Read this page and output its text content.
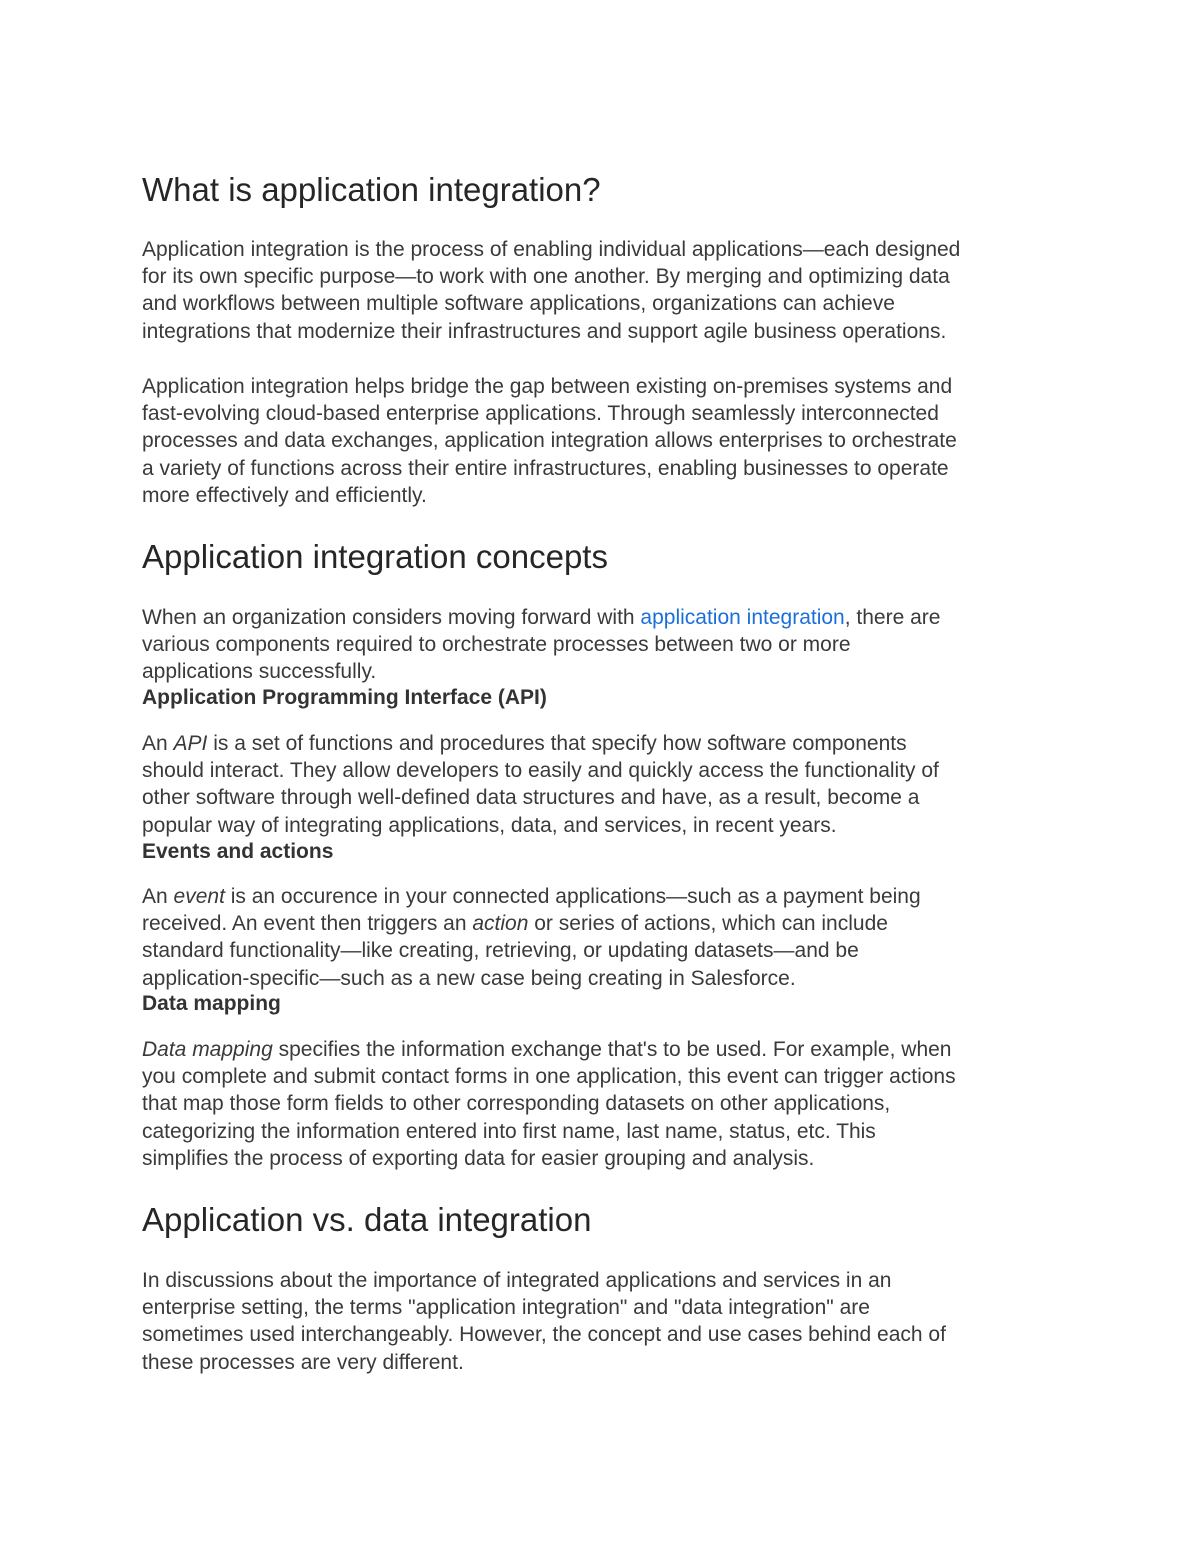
What is application integration?

Application integration is the process of enabling individual applications—each designed
for its own specific purpose—to work with one another. By merging and optimizing data
and workflows between multiple software applications, organizations can achieve
integrations that modernize their infrastructures and support agile business operations.

Application integration helps bridge the gap between existing on-premises systems and
fast-evolving cloud-based enterprise applications. Through seamlessly interconnected
processes and data exchanges, application integration allows enterprises to orchestrate
a variety of functions across their entire infrastructures, enabling businesses to operate
more effectively and efficiently.

Application integration concepts

When an organization considers moving forward with application integration, there are
various components required to orchestrate processes between two or more
applications successfully.

Application Programming Interface (API)

An API is a set of functions and procedures that specify how software components
should interact. They allow developers to easily and quickly access the functionality of
other software through well-defined data structures and have, as a result, become a
popular way of integrating applications, data, and services, in recent years.

Events and actions

An event is an occurence in your connected applications—such as a payment being
received. An event then triggers an action or series of actions, which can include
standard functionality—like creating, retrieving, or updating datasets—and be
application-specific—such as a new case being creating in Salesforce.

Data mapping

Data mapping specifies the information exchange that's to be used. For example, when
you complete and submit contact forms in one application, this event can trigger actions
that map those form fields to other corresponding datasets on other applications,
categorizing the information entered into first name, last name, status, etc. This
simplifies the process of exporting data for easier grouping and analysis.

Application vs. data integration

In discussions about the importance of integrated applications and services in an
enterprise setting, the terms "application integration" and "data integration" are
sometimes used interchangeably. However, the concept and use cases behind each of
these processes are very different.
